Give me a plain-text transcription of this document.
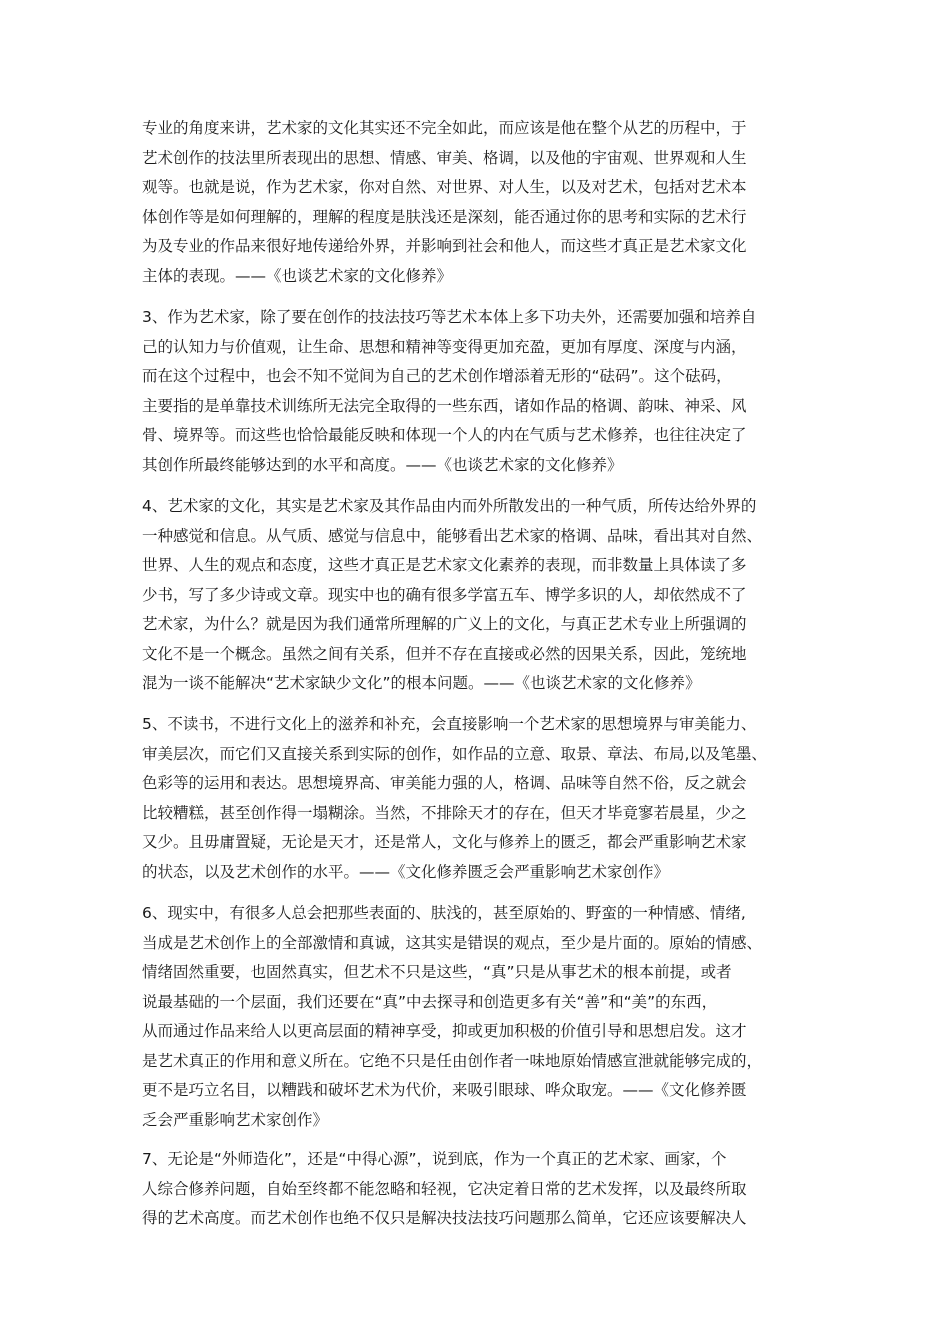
专业的角度来讲，艺术家的文化其实还不完全如此，而应该是他在整个从艺的历程中，于
艺术创作的技法里所表现出的思想、情感、审美、格调，以及他的宇宙观、世界观和人生
观等。也就是说，作为艺术家，你对自然、对世界、对人生，以及对艺术，包括对艺术本
体创作等是如何理解的，理解的程度是肤浅还是深刻，能否通过你的思考和实际的艺术行
为及专业的作品来很好地传递给外界，并影响到社会和他人，而这些才真正是艺术家文化
主体的表现。——《也谈艺术家的文化修养》
3、作为艺术家，除了要在创作的技法技巧等艺术本体上多下功夫外，还需要加强和培养自
己的认知力与价值观，让生命、思想和精神等变得更加充盈，更加有厚度、深度与内涵，
而在这个过程中，也会不知不觉间为自己的艺术创作增添着无形的“砝码”。这个砝码，
主要指的是单靠技术训练所无法完全取得的一些东西，诸如作品的格调、韵味、神采、风
骨、境界等。而这些也恰恰最能反映和体现一个人的内在气质与艺术修养，也往往决定了
其创作所最终能够达到的水平和高度。——《也谈艺术家的文化修养》
4、艺术家的文化，其实是艺术家及其作品由内而外所散发出的一种气质，所传达给外界的
一种感觉和信息。从气质、感觉与信息中，能够看出艺术家的格调、品味，看出其对自然、
世界、人生的观点和态度，这些才真正是艺术家文化素养的表现，而非数量上具体读了多
少书，写了多少诗或文章。现实中也的确有很多学富五车、博学多识的人，却依然成不了
艺术家，为什么？就是因为我们通常所理解的广义上的文化，与真正艺术专业上所强调的
文化不是一个概念。虽然之间有关系，但并不存在直接或必然的因果关系，因此，笼统地
混为一谈不能解决“艺术家缺少文化”的根本问题。——《也谈艺术家的文化修养》
5、不读书，不进行文化上的滋养和补充，会直接影响一个艺术家的思想境界与审美能力、
审美层次，而它们又直接关系到实际的创作，如作品的立意、取景、章法、布局,以及笔墨、
色彩等的运用和表达。思想境界高、审美能力强的人，格调、品味等自然不俗，反之就会
比较糟糕，甚至创作得一塌糊涂。当然，不排除天才的存在，但天才毕竟寥若晨星，少之
又少。且毋庸置疑，无论是天才，还是常人，文化与修养上的匮乏，都会严重影响艺术家
的状态，以及艺术创作的水平。——《文化修养匮乏会严重影响艺术家创作》
6、现实中，有很多人总会把那些表面的、肤浅的，甚至原始的、野蛮的一种情感、情绪,
当成是艺术创作上的全部激情和真诚，这其实是错误的观点，至少是片面的。原始的情感、
情绪固然重要，也固然真实，但艺术不只是这些，“真”只是从事艺术的根本前提，或者
说最基础的一个层面，我们还要在“真”中去探寻和创造更多有关“善”和“美”的东西，
从而通过作品来给人以更高层面的精神享受，抑或更加积极的价值引导和思想启发。这才
是艺术真正的作用和意义所在。它绝不只是任由创作者一味地原始情感宣泄就能够完成的，
更不是巧立名目，以糟践和破坏艺术为代价，来吸引眼球、哗众取宠。——《文化修养匮
乏会严重影响艺术家创作》
7、无论是“外师造化”，还是“中得心源”，说到底，作为一个真正的艺术家、画家，个
人综合修养问题，自始至终都不能忽略和轻视，它决定着日常的艺术发挥，以及最终所取
得的艺术高度。而艺术创作也绝不仅只是解决技法技巧问题那么简单，它还应该要解决人
